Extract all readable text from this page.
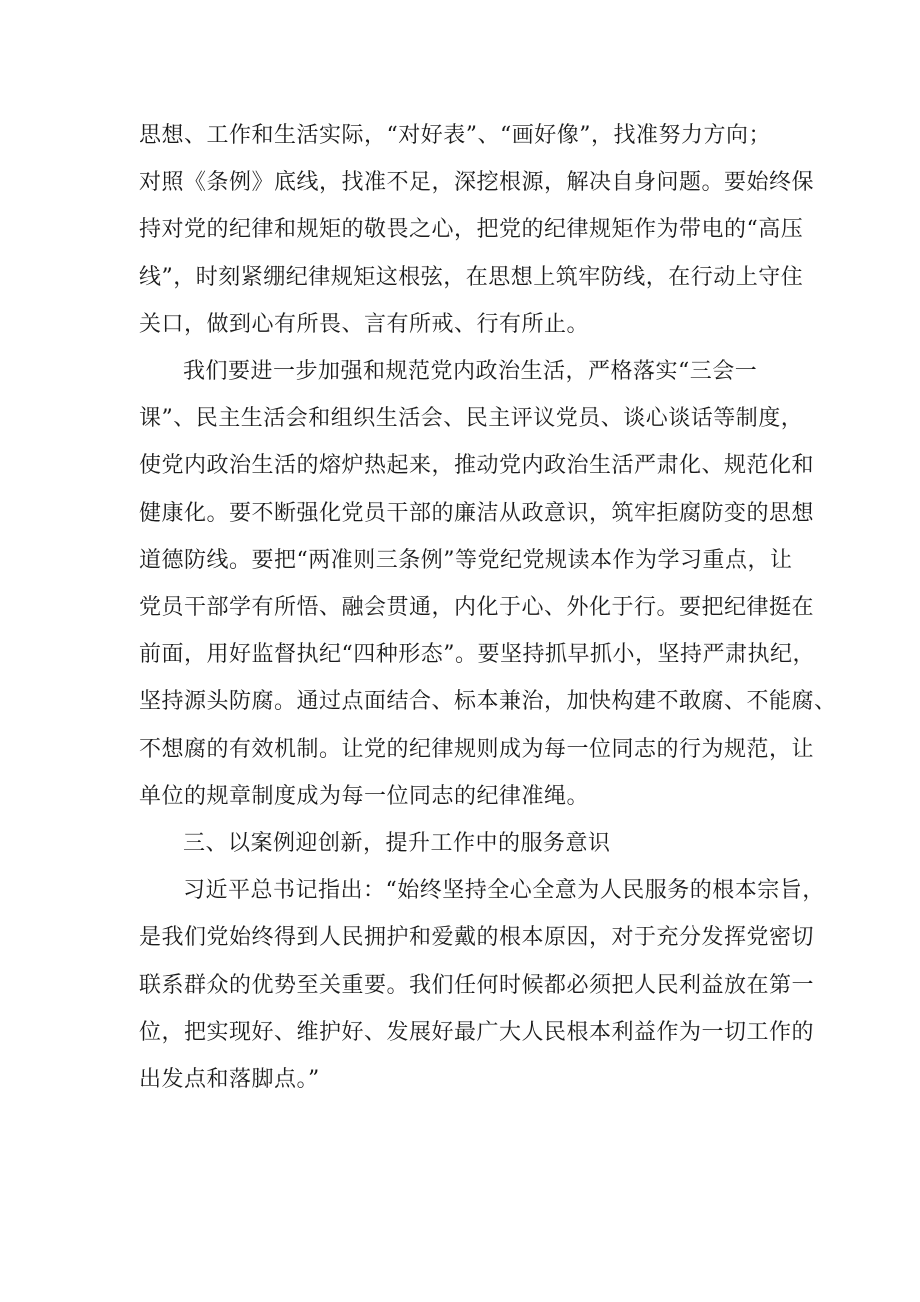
思想、工作和生活实际，“对好表”、“画好像”，找准努力方向；
对照《条例》底线，找准不足，深挖根源，解决自身问题。要始终保
持对党的纪律和规矩的敬畏之心，把党的纪律规矩作为带电的“高压
线”，时刻紧绷纪律规矩这根弦，在思想上筑牢防线，在行动上守住
关口，做到心有所畏、言有所戒、行有所止。

我们要进一步加强和规范党内政治生活，严格落实“三会一
课”、民主生活会和组织生活会、民主评议党员、谈心谈话等制度，
使党内政治生活的熔炉热起来，推动党内政治生活严肃化、规范化和
健康化。要不断强化党员干部的廉洁从政意识，筑牢拒腐防变的思想
道德防线。要把“两准则三条例”等党纪党规读本作为学习重点，让
党员干部学有所悟、融会贯通，内化于心、外化于行。要把纪律挺在
前面，用好监督执纪“四种形态”。要坚持抓早抓小，坚持严肃执纪，
坚持源头防腐。通过点面结合、标本兼治，加快构建不敢腐、不能腐、
不想腐的有效机制。让党的纪律规则成为每一位同志的行为规范，让
单位的规章制度成为每一位同志的纪律准绳。

三、以案例迎创新，提升工作中的服务意识

习近平总书记指出：“始终坚持全心全意为人民服务的根本宗旨，
是我们党始终得到人民拥护和爱戴的根本原因，对于充分发挥党密切
联系群众的优势至关重要。我们任何时候都必须把人民利益放在第一
位，把实现好、维护好、发展好最广大人民根本利益作为一切工作的
出发点和落脚点。”
